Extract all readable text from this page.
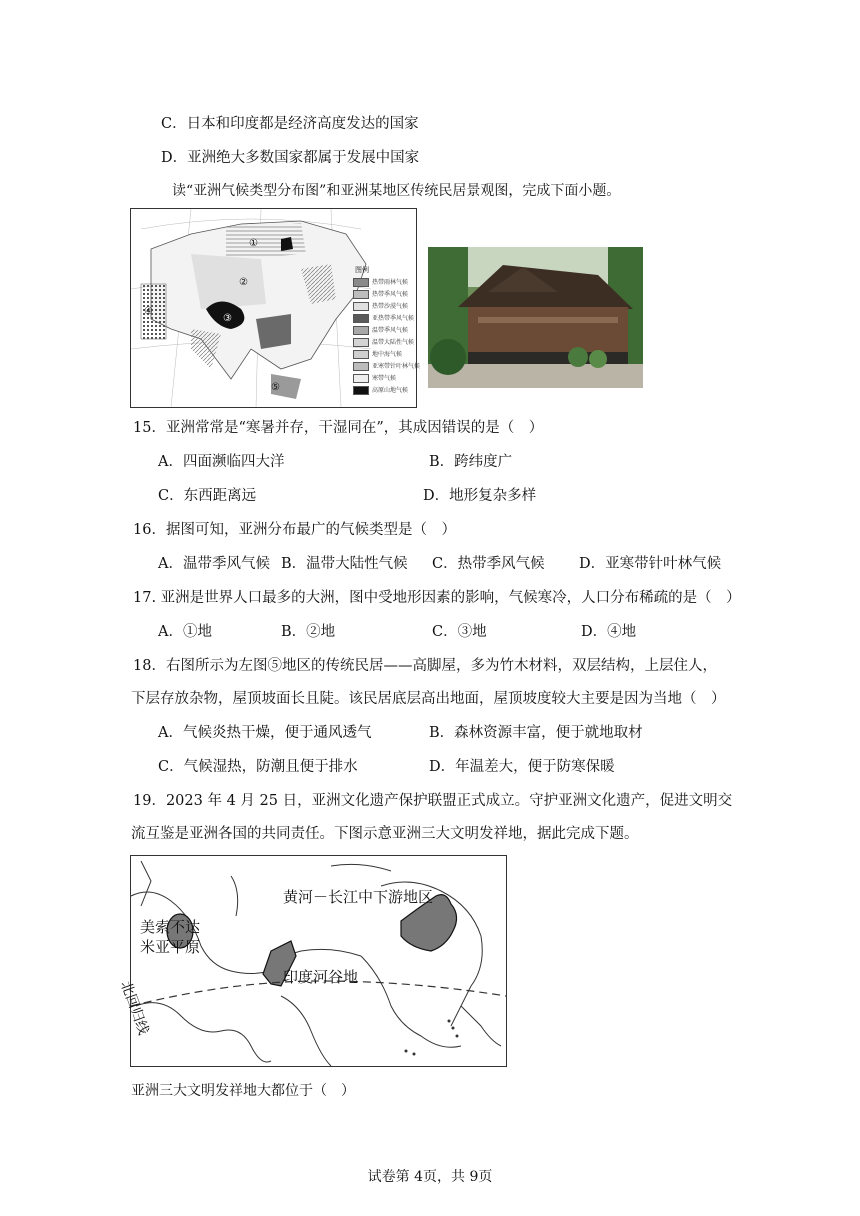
C．日本和印度都是经济高度发达的国家
D．亚洲绝大多数国家都属于发展中国家
读“亚洲气候类型分布图”和亚洲某地区传统民居景观图，完成下面小题。
①
②
③
④
⑤
图例
热带雨林气候
热带季风气候
热带沙漠气候
亚热带季风气候
温带季风气候
温带大陆性气候
地中海气候
亚寒带针叶林气候
寒带气候
高原山地气候
15．亚洲常常是“寒暑并存，干湿同在”，其成因错误的是（　）
A．四面濒临四大洋	B．跨纬度广
C．东西距离远	D．地形复杂多样
16．据图可知，亚洲分布最广的气候类型是（　）
A．温带季风气候 B．温带大陆性气候 C．热带季风气候 D．亚寒带针叶林气候
17. 亚洲是世界人口最多的大洲，图中受地形因素的影响，气候寒冷，人口分布稀疏的是（　）
A．①地	B．②地	C．③地	D．④地
18．右图所示为左图⑤地区的传统民居——高脚屋，多为竹木材料，双层结构，上层住人，
下层存放杂物，屋顶坡面长且陡。该民居底层高出地面，屋顶坡度较大主要是因为当地（　）
A．气候炎热干燥，便于通风透气	B．森林资源丰富，便于就地取材
C．气候湿热，防潮且便于排水	D．年温差大，便于防寒保暖
19．2023 年 4 月 25 日，亚洲文化遗产保护联盟正式成立。守护亚洲文化遗产，促进文明交
流互鉴是亚洲各国的共同责任。下图示意亚洲三大文明发祥地，据此完成下题。
黄河－长江中下游地区
美索不达
米亚平原
印度河谷地
北回归线
亚洲三大文明发祥地大都位于（　）
试卷第 4页，共 9页
